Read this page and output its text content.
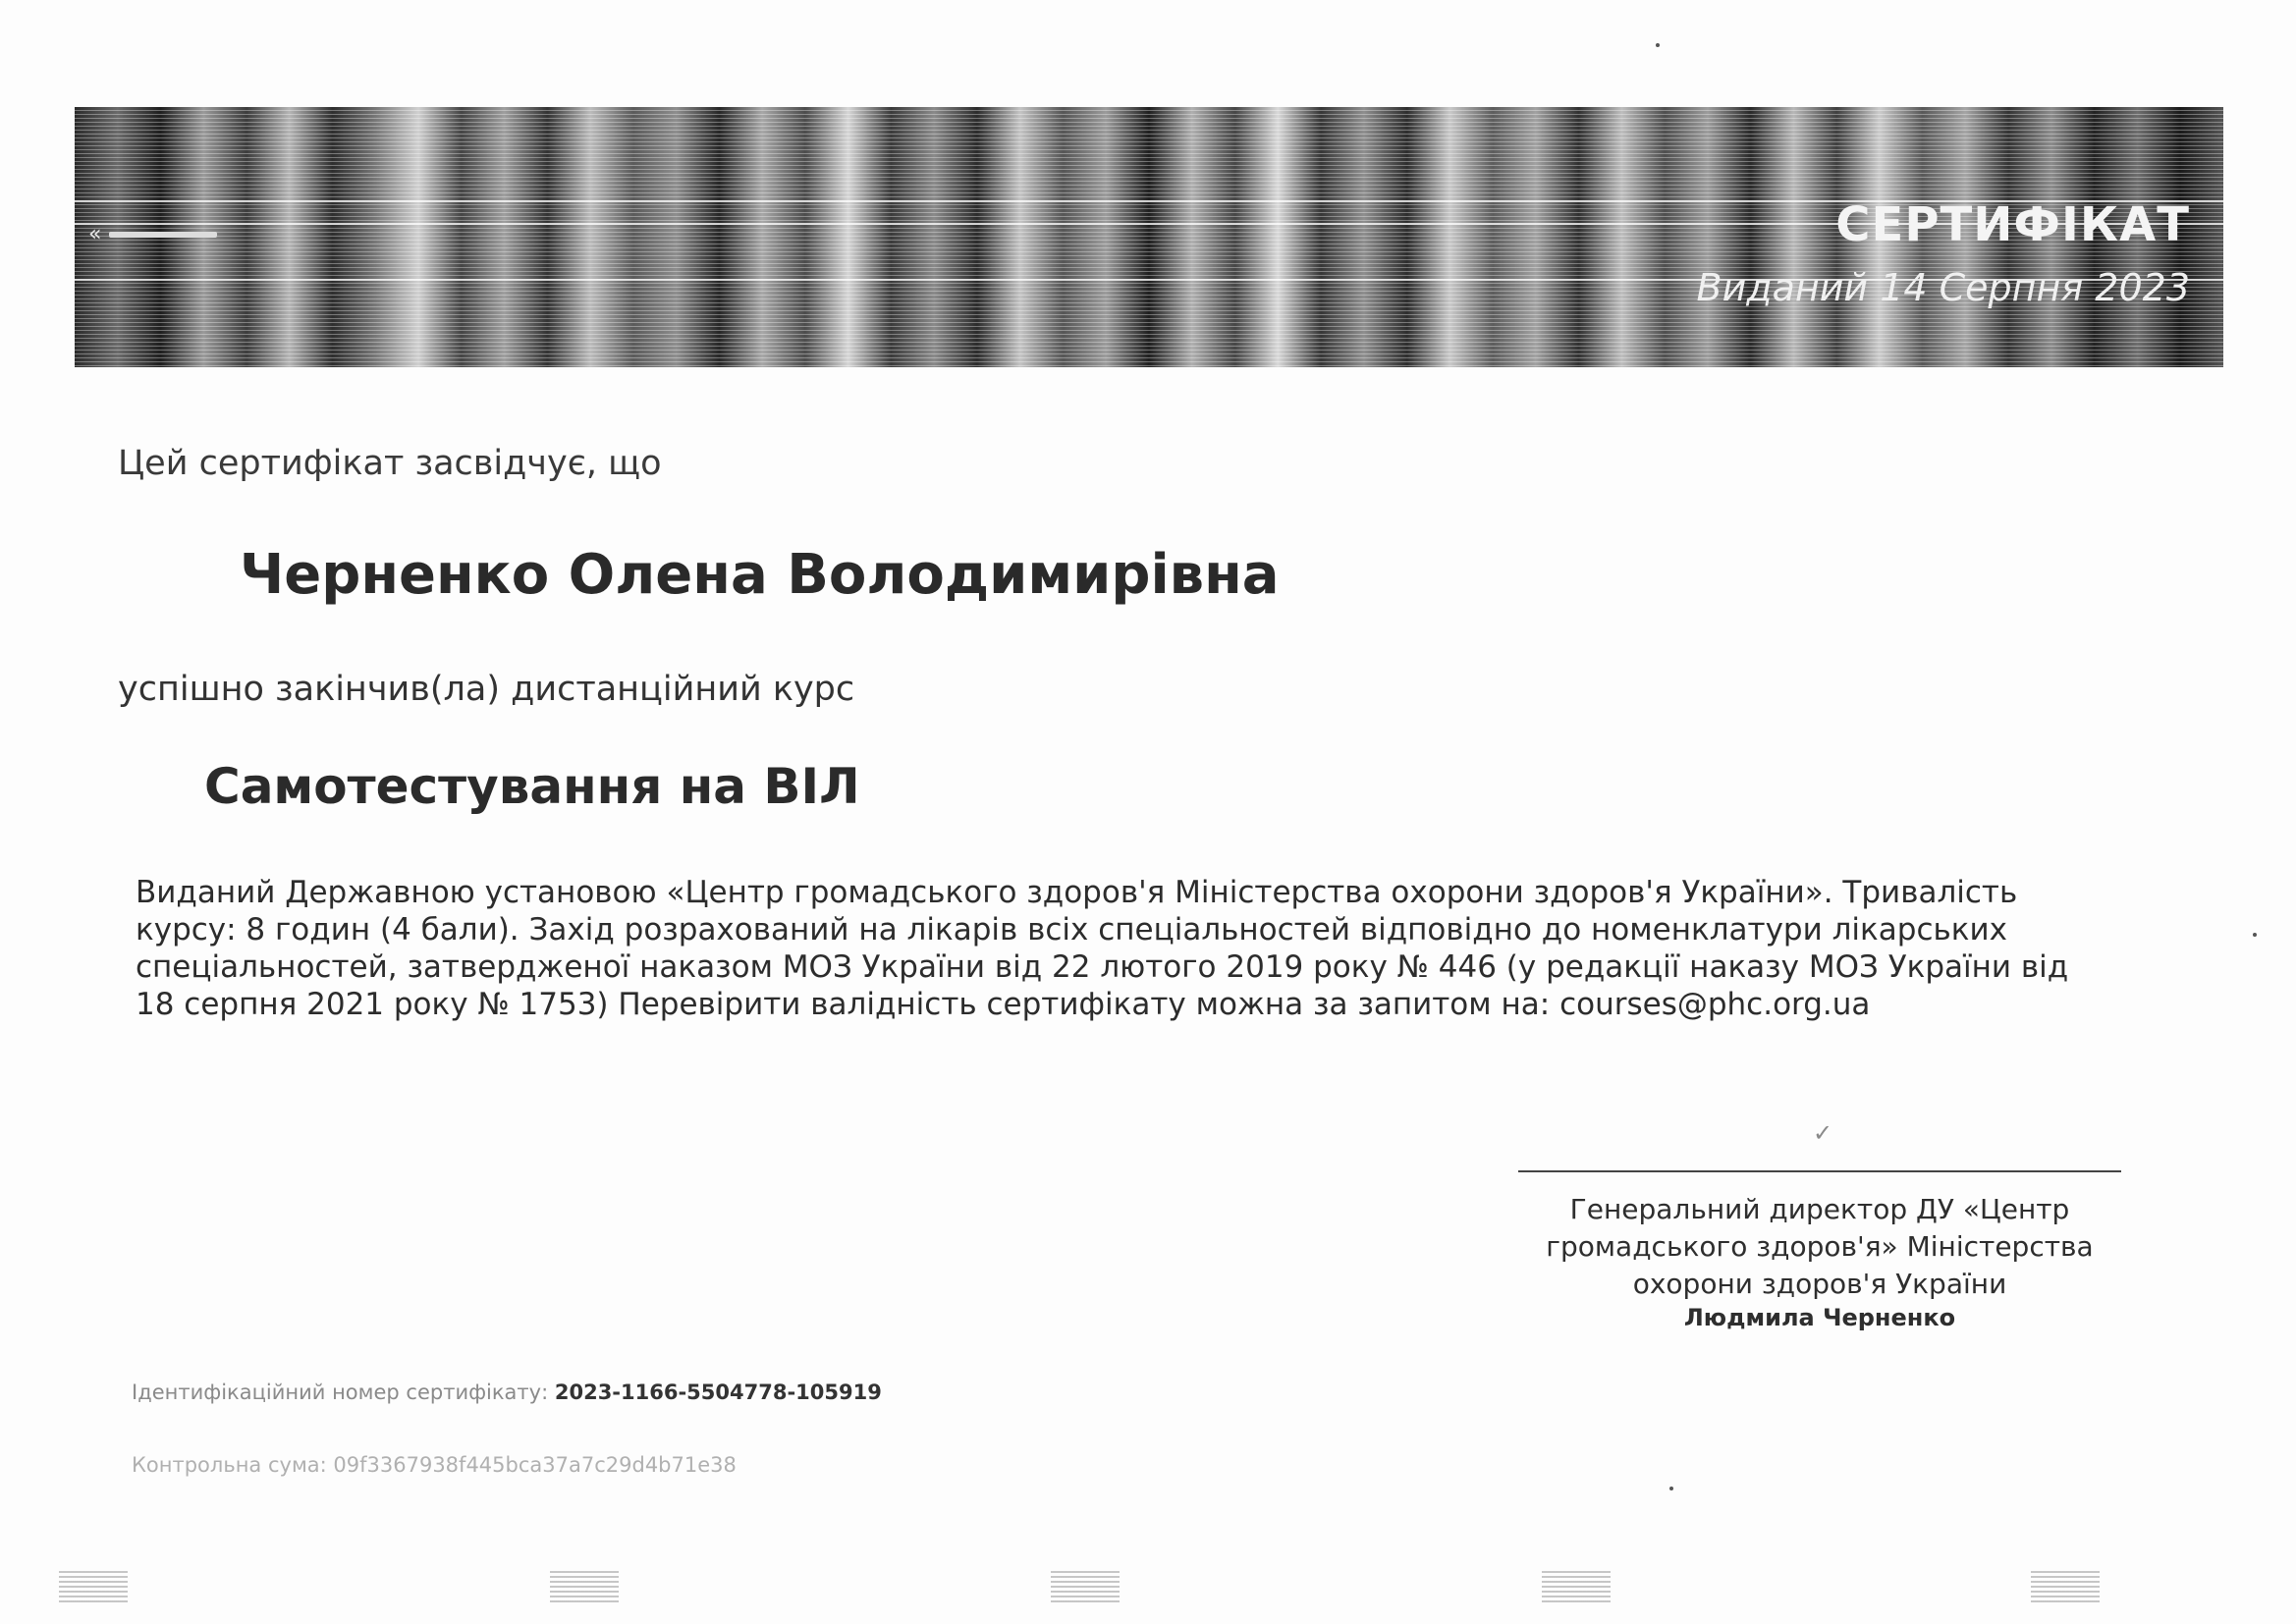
«	СЕРТИФІКАТ
Виданий 14 Серпня 2023
Цей сертифікат засвідчує, що
Черненко Олена Володимирівна
успішно закінчив(ла) дистанційний курс
Самотестування на ВІЛ
Виданий Державною установою «Центр громадського здоров'я Міністерства охорони здоров'я України». Тривалість курсу: 8 годин (4 бали). Захід розрахований на лікарів всіх спеціальностей відповідно до номенклатури лікарських спеціальностей, затвердженої наказом МОЗ України від 22 лютого 2019 року № 446 (у редакції наказу МОЗ України від 18 серпня 2021 року № 1753) Перевірити валідність сертифікату можна за запитом на: courses@phc.org.ua
✓
Генеральний директор ДУ «Центр громадського здоров'я» Міністерства охорони здоров'я України
Людмила Черненко
Ідентифікаційний номер сертифікату: 2023-1166-5504778-105919
Контрольна сума: 09f3367938f445bca37a7c29d4b71e38
